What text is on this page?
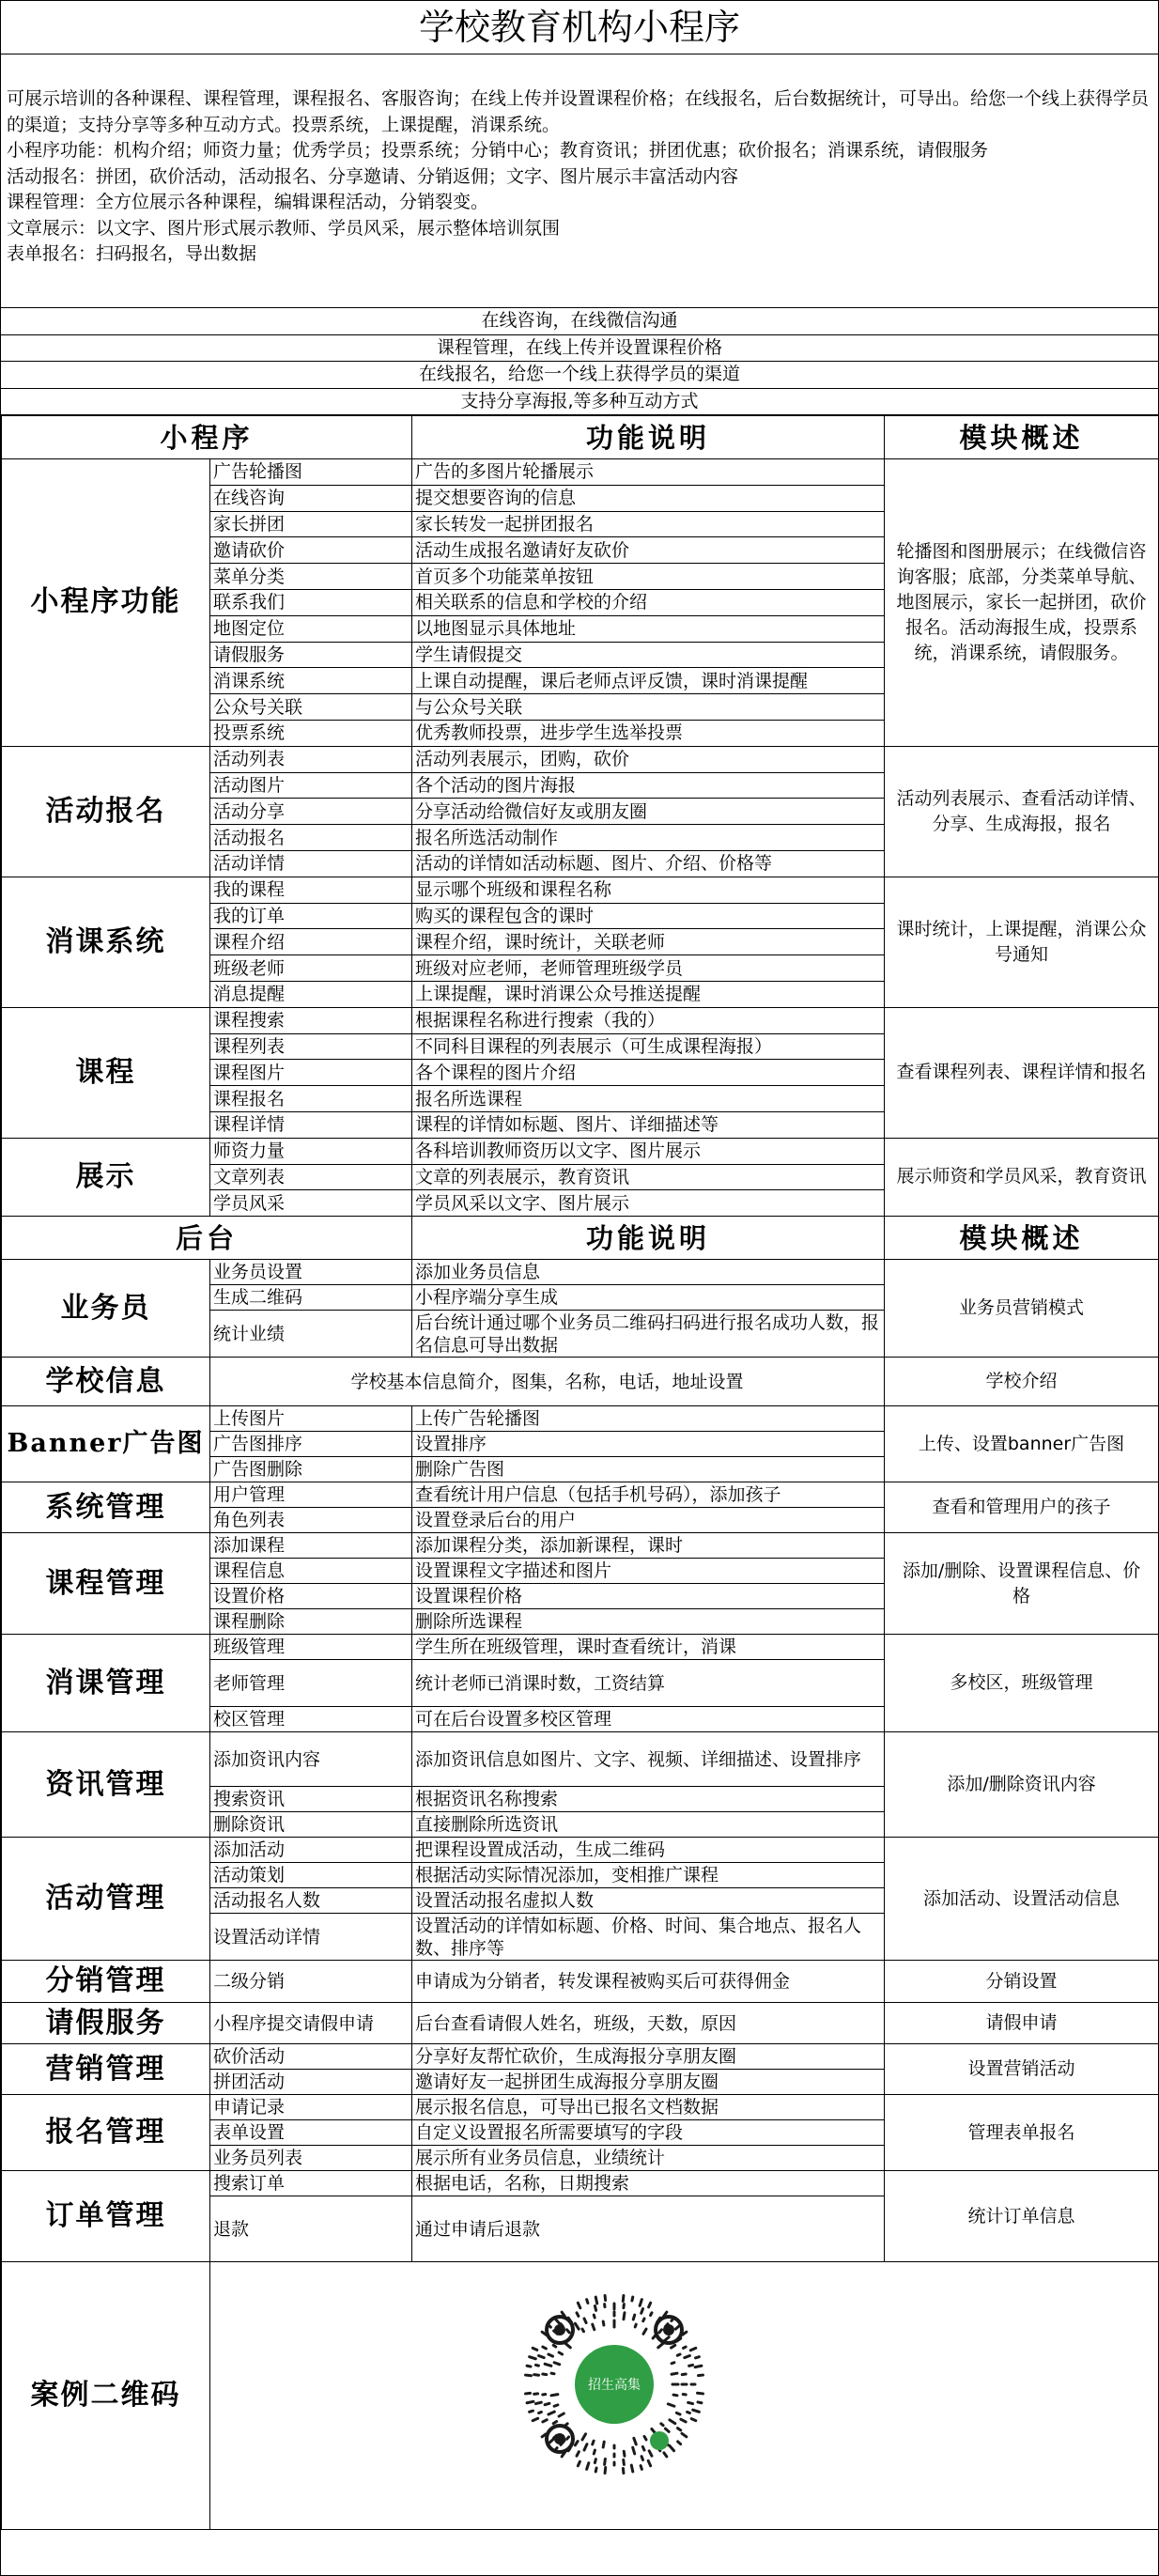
学校教育机构小程序
可展示培训的各种课程、课程管理，课程报名、客服咨询；在线上传并设置课程价格；在线报名，后台数据统计，可导出。给您一个线上获得学员的渠道；支持分享等多种互动方式。投票系统，上课提醒，消课系统。
小程序功能：机构介绍；师资力量；优秀学员；投票系统；分销中心；教育资讯；拼团优惠；砍价报名；消课系统，请假服务
活动报名：拼团，砍价活动，活动报名、分享邀请、分销返佣；文字、图片展示丰富活动内容
课程管理：全方位展示各种课程，编辑课程活动，分销裂变。
文章展示：以文字、图片形式展示教师、学员风采，展示整体培训氛围
表单报名：扫码报名，导出数据
在线咨询，在线微信沟通
课程管理，在线上传并设置课程价格
在线报名，给您一个线上获得学员的渠道
支持分享海报,等多种互动方式
小程序		功能说明	模块概述
小程序功能	广告轮播图	广告的多图片轮播展示	轮播图和图册展示；在线微信咨询客服；底部，分类菜单导航、地图展示，家长一起拼团，砍价报名。活动海报生成，投票系统，消课系统，请假服务。
	在线咨询	提交想要咨询的信息	
	家长拼团	家长转发一起拼团报名	
	邀请砍价	活动生成报名邀请好友砍价	
	菜单分类	首页多个功能菜单按钮	
	联系我们	相关联系的信息和学校的介绍	
	地图定位	以地图显示具体地址	
	请假服务	学生请假提交	
	消课系统	上课自动提醒，课后老师点评反馈，课时消课提醒	
	公众号关联	与公众号关联	
	投票系统	优秀教师投票，进步学生选举投票	
活动报名	活动列表	活动列表展示，团购，砍价	活动列表展示、查看活动详情、分享、生成海报，报名
	活动图片	各个活动的图片海报	
	活动分享	分享活动给微信好友或朋友圈	
	活动报名	报名所选活动制作	
	活动详情	活动的详情如活动标题、图片、介绍、价格等	
消课系统	我的课程	显示哪个班级和课程名称	课时统计，上课提醒，消课公众号通知
	我的订单	购买的课程包含的课时	
	课程介绍	课程介绍，课时统计，关联老师	
	班级老师	班级对应老师，老师管理班级学员	
	消息提醒	上课提醒，课时消课公众号推送提醒	
课程	课程搜索	根据课程名称进行搜索（我的）	查看课程列表、课程详情和报名
	课程列表	不同科目课程的列表展示（可生成课程海报）	
	课程图片	各个课程的图片介绍	
	课程报名	报名所选课程	
	课程详情	课程的详情如标题、图片、详细描述等	
展示	师资力量	各科培训教师资历以文字、图片展示	展示师资和学员风采，教育资讯
	文章列表	文章的列表展示，教育资讯	
	学员风采	学员风采以文字、图片展示	
后台		功能说明	模块概述
业务员	业务员设置	添加业务员信息	业务员营销模式
	生成二维码	小程序端分享生成	
	统计业绩	后台统计通过哪个业务员二维码扫码进行报名成功人数，报名信息可导出数据	
学校信息	学校基本信息简介，图集，名称，电话，地址设置		学校介绍
Banner广告图	上传图片	上传广告轮播图	上传、设置banner广告图
	广告图排序	设置排序	
	广告图删除	删除广告图	
系统管理	用户管理	查看统计用户信息（包括手机号码），添加孩子	查看和管理用户的孩子
	角色列表	设置登录后台的用户	
课程管理	添加课程	添加课程分类，添加新课程，课时	添加/删除、设置课程信息、价格
	课程信息	设置课程文字描述和图片	
	设置价格	设置课程价格	
	课程删除	删除所选课程	
消课管理	班级管理	学生所在班级管理，课时查看统计，消课	多校区，班级管理
	老师管理	统计老师已消课时数，工资结算	
	校区管理	可在后台设置多校区管理	
资讯管理	添加资讯内容	添加资讯信息如图片、文字、视频、详细描述、设置排序	添加/删除资讯内容
	搜索资讯	根据资讯名称搜索	
	删除资讯	直接删除所选资讯	
活动管理	添加活动	把课程设置成活动，生成二维码	添加活动、设置活动信息
	活动策划	根据活动实际情况添加，变相推广课程	
	活动报名人数	设置活动报名虚拟人数	
	设置活动详情	设置活动的详情如标题、价格、时间、集合地点、报名人数、排序等	
分销管理	二级分销	申请成为分销者，转发课程被购买后可获得佣金	分销设置
请假服务	小程序提交请假申请	后台查看请假人姓名，班级，天数，原因	请假申请
营销管理	砍价活动	分享好友帮忙砍价，生成海报分享朋友圈	设置营销活动
	拼团活动	邀请好友一起拼团生成海报分享朋友圈	
报名管理	申请记录	展示报名信息，可导出已报名文档数据	管理表单报名
	表单设置	自定义设置报名所需要填写的字段	
	业务员列表	展示所有业务员信息，业绩统计	
订单管理	搜索订单	根据电话，名称，日期搜索	统计订单信息
	退款	通过申请后退款	
案例二维码	招生高集		
